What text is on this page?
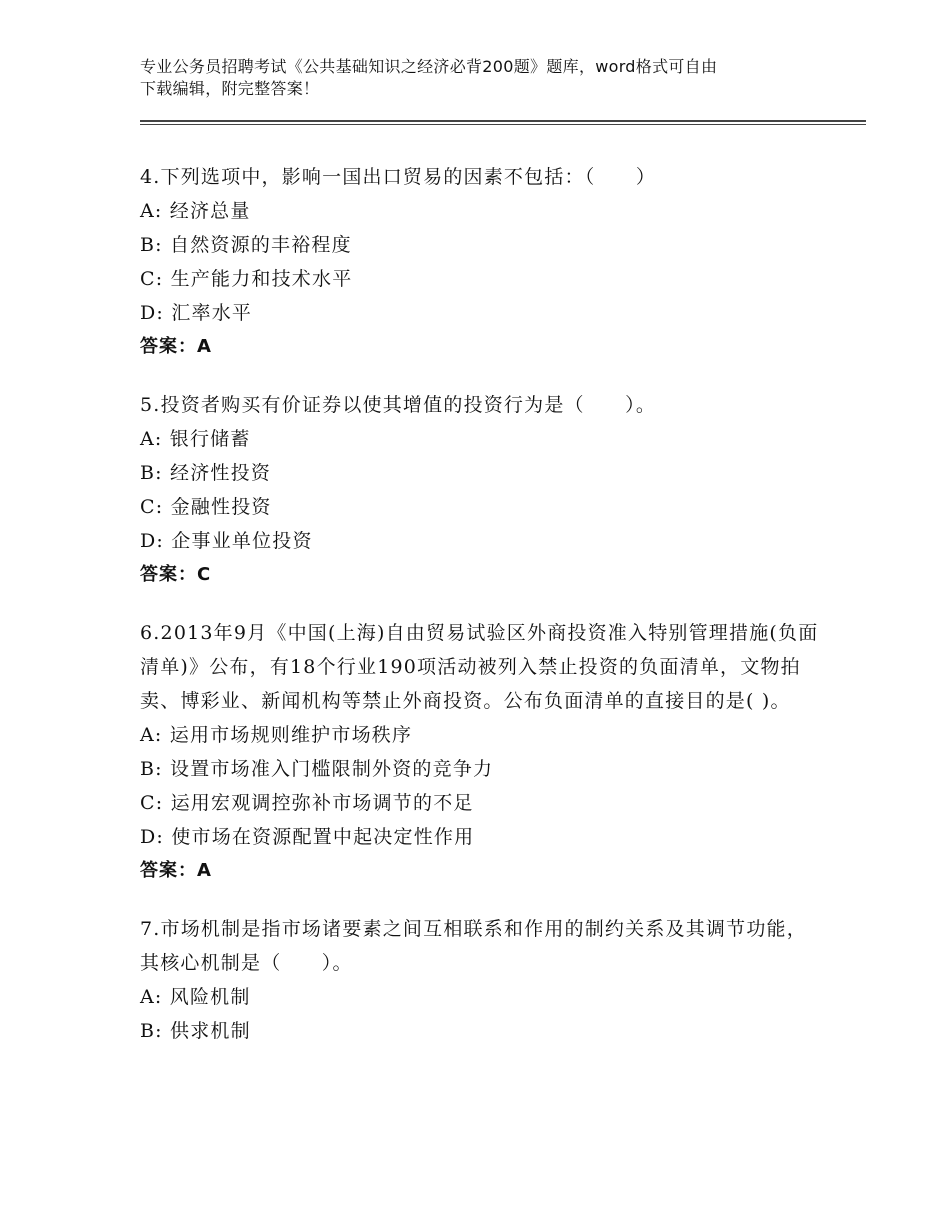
专业公务员招聘考试《公共基础知识之经济必背200题》题库，word格式可自由
下载编辑，附完整答案！

4.下列选项中，影响一国出口贸易的因素不包括：（　　）

A: 经济总量

B: 自然资源的丰裕程度

C: 生产能力和技术水平

D: 汇率水平

答案：A

5.投资者购买有价证券以使其增值的投资行为是（　　）。

A: 银行储蓄

B: 经济性投资

C: 金融性投资

D: 企事业单位投资

答案：C

6.2013年9月《中国(上海)自由贸易试验区外商投资准入特别管理措施(负面清单)》公布，有18个行业190项活动被列入禁止投资的负面清单，文物拍卖、博彩业、新闻机构等禁止外商投资。公布负面清单的直接目的是( )。

A: 运用市场规则维护市场秩序

B: 设置市场准入门槛限制外资的竞争力

C: 运用宏观调控弥补市场调节的不足

D: 使市场在资源配置中起决定性作用

答案：A

7.市场机制是指市场诸要素之间互相联系和作用的制约关系及其调节功能，其核心机制是（　　）。

A: 风险机制

B: 供求机制
